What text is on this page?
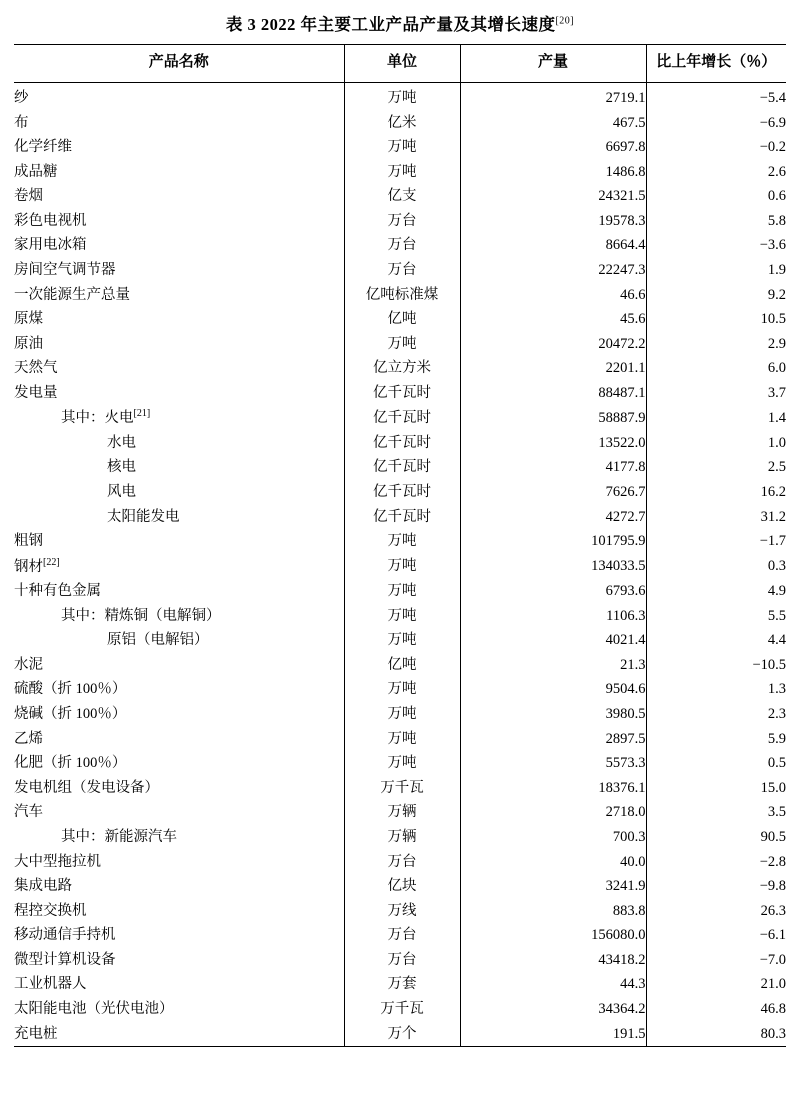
表 3 2022 年主要工业产品产量及其增长速度[20]
产品名称	单位	产量	比上年增长（％）
纱	万吨	2719.1	−5.4
布	亿米	467.5	−6.9
化学纤维	万吨	6697.8	−0.2
成品糖	万吨	1486.8	2.6
卷烟	亿支	24321.5	0.6
彩色电视机	万台	19578.3	5.8
家用电冰箱	万台	8664.4	−3.6
房间空气调节器	万台	22247.3	1.9
一次能源生产总量	亿吨标准煤	46.6	9.2
原煤	亿吨	45.6	10.5
原油	万吨	20472.2	2.9
天然气	亿立方米	2201.1	6.0
发电量	亿千瓦时	88487.1	3.7
其中：火电[21]	亿千瓦时	58887.9	1.4
水电	亿千瓦时	13522.0	1.0
核电	亿千瓦时	4177.8	2.5
风电	亿千瓦时	7626.7	16.2
太阳能发电	亿千瓦时	4272.7	31.2
粗钢	万吨	101795.9	−1.7
钢材[22]	万吨	134033.5	0.3
十种有色金属	万吨	6793.6	4.9
其中：精炼铜（电解铜）	万吨	1106.3	5.5
原铝（电解铝）	万吨	4021.4	4.4
水泥	亿吨	21.3	−10.5
硫酸（折 100％）	万吨	9504.6	1.3
烧碱（折 100％）	万吨	3980.5	2.3
乙烯	万吨	2897.5	5.9
化肥（折 100％）	万吨	5573.3	0.5
发电机组（发电设备）	万千瓦	18376.1	15.0
汽车	万辆	2718.0	3.5
其中：新能源汽车	万辆	700.3	90.5
大中型拖拉机	万台	40.0	−2.8
集成电路	亿块	3241.9	−9.8
程控交换机	万线	883.8	26.3
移动通信手持机	万台	156080.0	−6.1
微型计算机设备	万台	43418.2	−7.0
工业机器人	万套	44.3	21.0
太阳能电池（光伏电池）	万千瓦	34364.2	46.8
充电桩	万个	191.5	80.3
